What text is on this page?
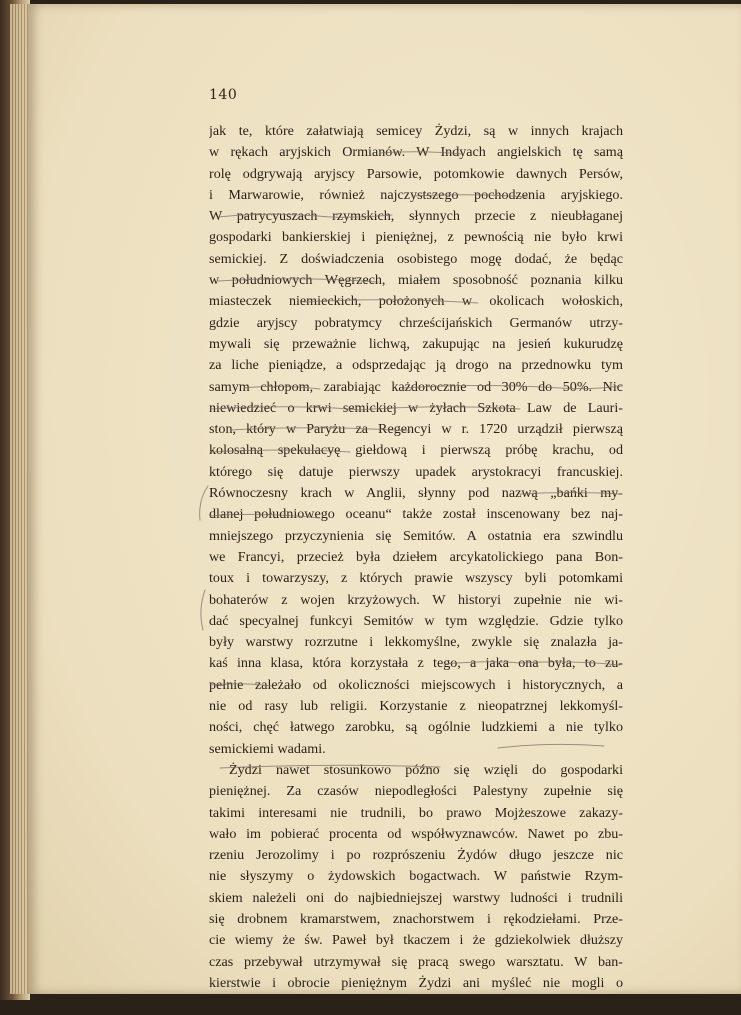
140
jak te, które załatwiają semicey Żydzi, są w innych krajach
w rękach aryjskich Ormianów. W Indyach angielskich tę samą
rolę odgrywają aryjscy Parsowie, potomkowie dawnych Persów,
i Marwarowie, również najczystszego pochodzenia aryjskiego.
W patrycyuszach rzymskich, słynnych przecie z nieubłaganej
gospodarki bankierskiej i pieniężnej, z pewnością nie było krwi
semickiej. Z doświadczenia osobistego mogę dodać, że będąc
w południowych Węgrzech, miałem sposobność poznania kilku
miasteczek niemieckich, położonych w okolicach wołoskich,
gdzie aryjscy pobratymcy chrześcijańskich Germanów utrzy-
mywali się przeważnie lichwą, zakupując na jesień kukurudzę
za liche pieniądze, a odsprzedając ją drogo na przednowku tym
samym chłopom, zarabiając każdorocznie od 30% do 50%. Nic
niewiedzieć o krwi semickiej w żyłach Szkota Law de Lauri-
ston, który w Paryżu za Regencyi w r. 1720 urządził pierwszą
kolosalną spekulacyę giełdową i pierwszą próbę krachu, od
którego się datuje pierwszy upadek arystokracyi francuskiej.
Równoczesny krach w Anglii, słynny pod nazwą „bańki my-
dlanej południowego oceanu“ także został inscenowany bez naj-
mniejszego przyczynienia się Semitów. A ostatnia era szwindlu
we Francyi, przecież była dziełem arcykatolickiego pana Bon-
toux i towarzyszy, z których prawie wszyscy byli potomkami
bohaterów z wojen krzyżowych. W historyi zupełnie nie wi-
dać specyalnej funkcyi Semitów w tym względzie. Gdzie tylko
były warstwy rozrzutne i lekkomyślne, zwykle się znalazła ja-
kaś inna klasa, która korzystała z tego, a jaka ona była, to zu-
pełnie zależało od okoliczności miejscowych i historycznych, a
nie od rasy lub religii. Korzystanie z nieopatrznej lekkomyśl-
ności, chęć łatwego zarobku, są ogólnie ludzkiemi a nie tylko
semickiemi wadami.
Żydzi nawet stosunkowo późno się wzięli do gospodarki
pieniężnej. Za czasów niepodległości Palestyny zupełnie się
takimi interesami nie trudnili, bo prawo Mojżeszowe zakazy-
wało im pobierać procenta od współwyznawców. Nawet po zbu-
rzeniu Jerozolimy i po rozprószeniu Żydów długo jeszcze nic
nie słyszymy o żydowskich bogactwach. W państwie Rzym-
skiem należeli oni do najbiedniejszej warstwy ludności i trudnili
się drobnem kramarstwem, znachorstwem i rękodziełami. Prze-
cie wiemy że św. Paweł był tkaczem i że gdziekolwiek dłuższy
czas przebywał utrzymywał się pracą swego warsztatu. W ban-
kierstwie i obrocie pieniężnym Żydzi ani myśleć nie mogli o
konkurencyi z patrycyuszami rzymskimi — tak samo jak na
